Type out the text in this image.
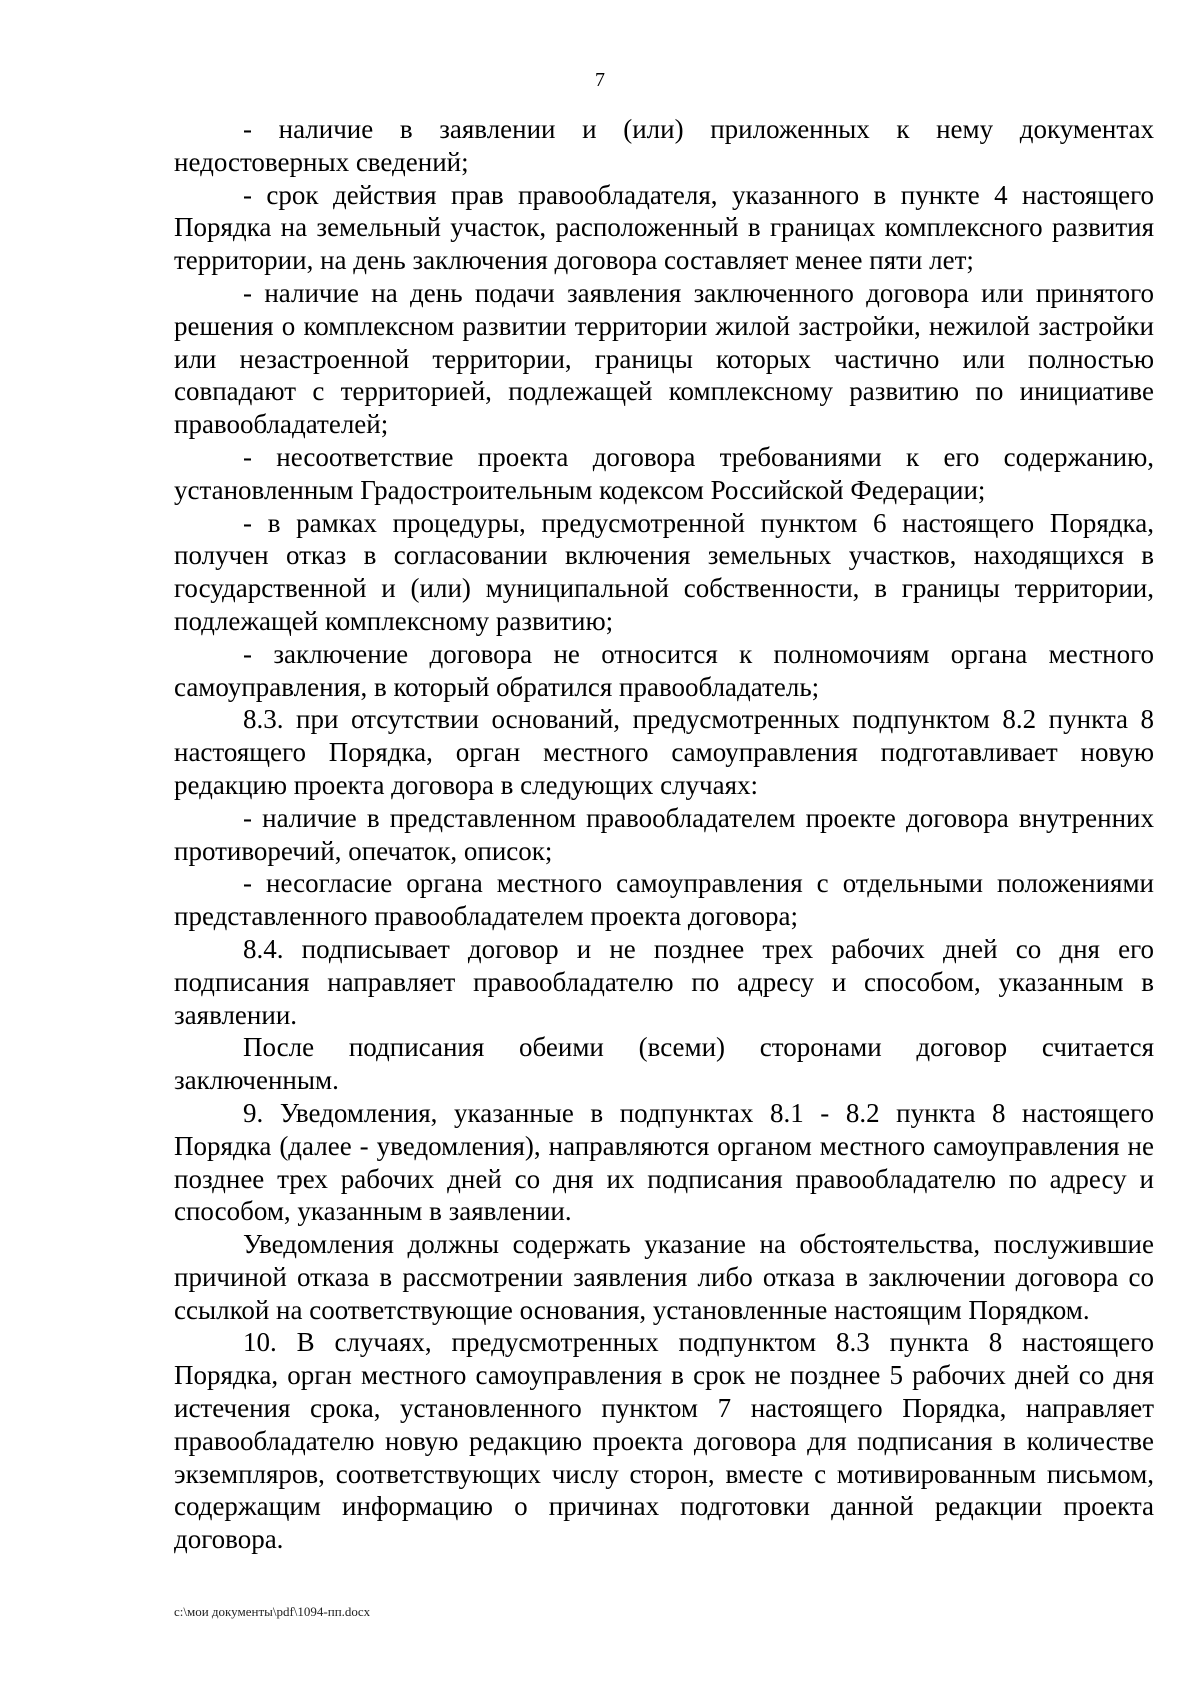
7

- наличие в заявлении и (или) приложенных к нему документах недостоверных сведений;

- срок действия прав правообладателя, указанного в пункте 4 настоящего Порядка на земельный участок, расположенный в границах комплексного развития территории, на день заключения договора составляет менее пяти лет;

- наличие на день подачи заявления заключенного договора или принятого решения о комплексном развитии территории жилой застройки, нежилой застройки или незастроенной территории, границы которых частично или полностью совпадают с территорией, подлежащей комплексному развитию по инициативе правообладателей;

- несоответствие проекта договора требованиями к его содержанию, установленным Градостроительным кодексом Российской Федерации;

- в рамках процедуры, предусмотренной пунктом 6 настоящего Порядка, получен отказ в согласовании включения земельных участков, находящихся в государственной и (или) муниципальной собственности, в границы территории, подлежащей комплексному развитию;

- заключение договора не относится к полномочиям органа местного самоуправления, в который обратился правообладатель;

8.3. при отсутствии оснований, предусмотренных подпунктом 8.2 пункта 8 настоящего Порядка, орган местного самоуправления подготавливает новую редакцию проекта договора в следующих случаях:

- наличие в представленном правообладателем проекте договора внутренних противоречий, опечаток, описок;

- несогласие органа местного самоуправления с отдельными положениями представленного правообладателем проекта договора;

8.4. подписывает договор и не позднее трех рабочих дней со дня его подписания направляет правообладателю по адресу и способом, указанным в заявлении.

После подписания обеими (всеми) сторонами договор считается заключенным.

9. Уведомления, указанные в подпунктах 8.1 - 8.2 пункта 8 настоящего Порядка (далее - уведомления), направляются органом местного самоуправления не позднее трех рабочих дней со дня их подписания правообладателю по адресу и способом, указанным в заявлении.

Уведомления должны содержать указание на обстоятельства, послужившие причиной отказа в рассмотрении заявления либо отказа в заключении договора со ссылкой на соответствующие основания, установленные настоящим Порядком.

10. В случаях, предусмотренных подпунктом 8.3 пункта 8 настоящего Порядка, орган местного самоуправления в срок не позднее 5 рабочих дней со дня истечения срока, установленного пунктом 7 настоящего Порядка, направляет правообладателю новую редакцию проекта договора для подписания в количестве экземпляров, соответствующих числу сторон, вместе с мотивированным письмом, содержащим информацию о причинах подготовки данной редакции проекта договора.

c:\мои документы\pdf\1094-пп.docx
